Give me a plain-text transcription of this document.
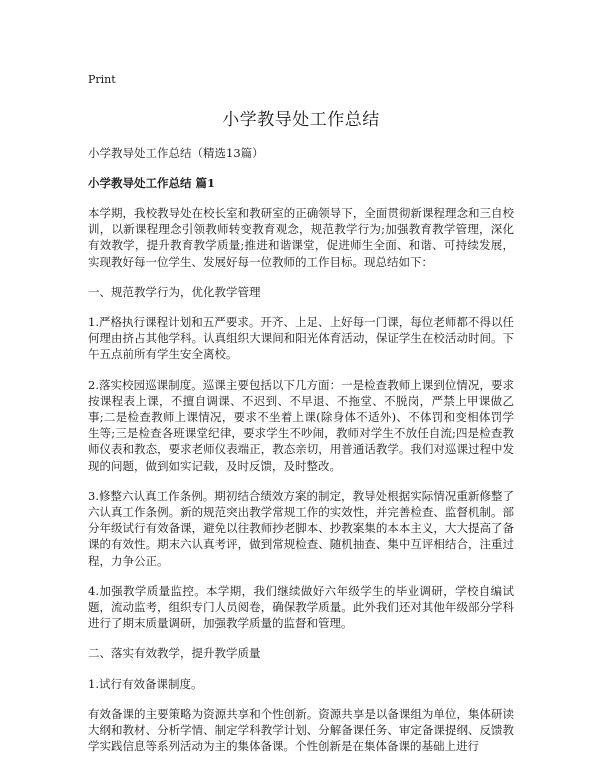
Print
小学教导处工作总结

小学教导处工作总结（精选13篇）

小学教导处工作总结 篇1

本学期，我校教导处在校长室和教研室的正确领导下，全面贯彻新课程理念和三自校训，以新课程理念引领教师转变教育观念，规范教学行为;加强教育教学管理，深化有效教学，提升教育教学质量;推进和谐课堂，促进师生全面、和谐、可持续发展，实现教好每一位学生、发展好每一位教师的工作目标。现总结如下：

一、规范教学行为，优化教学管理

1.严格执行课程计划和五严要求。开齐、上足、上好每一门课，每位老师都不得以任何理由挤占其他学科。认真组织大课间和阳光体育活动，保证学生在校活动时间。下午五点前所有学生安全离校。

2.落实校园巡课制度。巡课主要包括以下几方面：一是检查教师上课到位情况，要求按课程表上课，不擅自调课、不迟到、不早退、不拖堂、不脱岗，严禁上甲课做乙事;二是检查教师上课情况，要求不坐着上课(除身体不适外)、不体罚和变相体罚学生等;三是检查各班课堂纪律，要求学生不吵闹，教师对学生不放任自流;四是检查教师仪表和教态，要求老师仪表端正，教态亲切，用普通话教学。我们对巡课过程中发现的问题，做到如实记载，及时反馈，及时整改。

3.修整六认真工作条例。期初结合绩效方案的制定，教导处根据实际情况重新修整了六认真工作条例。新的规范突出教学常规工作的实效性，并完善检查、监督机制。部分年级试行有效备课，避免以往教师抄老脚本、抄教案集的本本主义，大大提高了备课的有效性。期末六认真考评，做到常规检查、随机抽查、集中互评相结合，注重过程，力争公正。

4.加强教学质量监控。本学期，我们继续做好六年级学生的毕业调研，学校自编试题，流动监考，组织专门人员阅卷，确保教学质量。此外我们还对其他年级部分学科进行了期末质量调研，加强教学质量的监督和管理。

二、落实有效教学，提升教学质量

1.试行有效备课制度。

有效备课的主要策略为资源共享和个性创新。资源共享是以备课组为单位，集体研读大纲和教材、分析学情、制定学科教学计划、分解备课任务、审定备课提纲、反馈教学实践信息等系列活动为主的集体备课。个性创新是在集体备课的基础上进行
